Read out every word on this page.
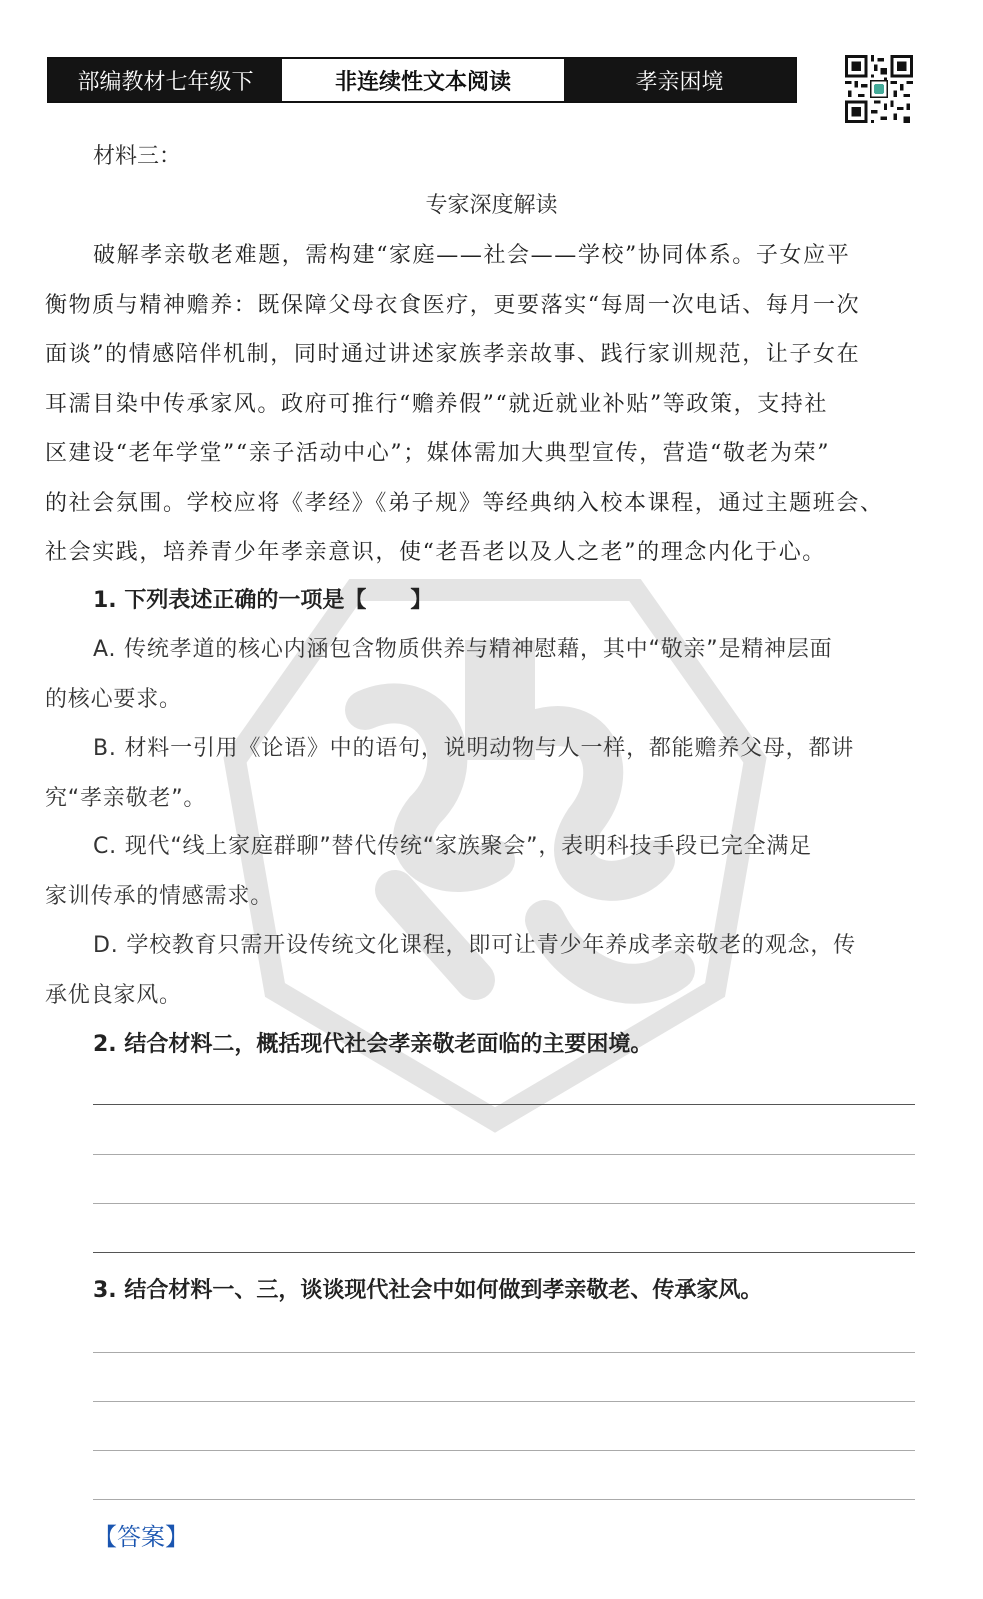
部编教材七年级下	非连续性文本阅读	孝亲困境
材料三：
专家深度解读
破解孝亲敬老难题，需构建“家庭——社会——学校”协同体系。子女应平
衡物质与精神赡养：既保障父母衣食医疗，更要落实“每周一次电话、每月一次
面谈”的情感陪伴机制，同时通过讲述家族孝亲故事、践行家训规范，让子女在
耳濡目染中传承家风。政府可推行“赡养假”“就近就业补贴”等政策，支持社
区建设“老年学堂”“亲子活动中心”；媒体需加大典型宣传，营造“敬老为荣”
的社会氛围。学校应将《孝经》《弟子规》等经典纳入校本课程，通过主题班会、
社会实践，培养青少年孝亲意识，使“老吾老以及人之老”的理念内化于心。
1. 下列表述正确的一项是【　　】
A. 传统孝道的核心内涵包含物质供养与精神慰藉，其中“敬亲”是精神层面
的核心要求。
B. 材料一引用《论语》中的语句，说明动物与人一样，都能赡养父母，都讲
究“孝亲敬老”。
C. 现代“线上家庭群聊”替代传统“家族聚会”，表明科技手段已完全满足
家训传承的情感需求。
D. 学校教育只需开设传统文化课程，即可让青少年养成孝亲敬老的观念，传
承优良家风。
2. 结合材料二，概括现代社会孝亲敬老面临的主要困境。
3. 结合材料一、三，谈谈现代社会中如何做到孝亲敬老、传承家风。
【答案】
